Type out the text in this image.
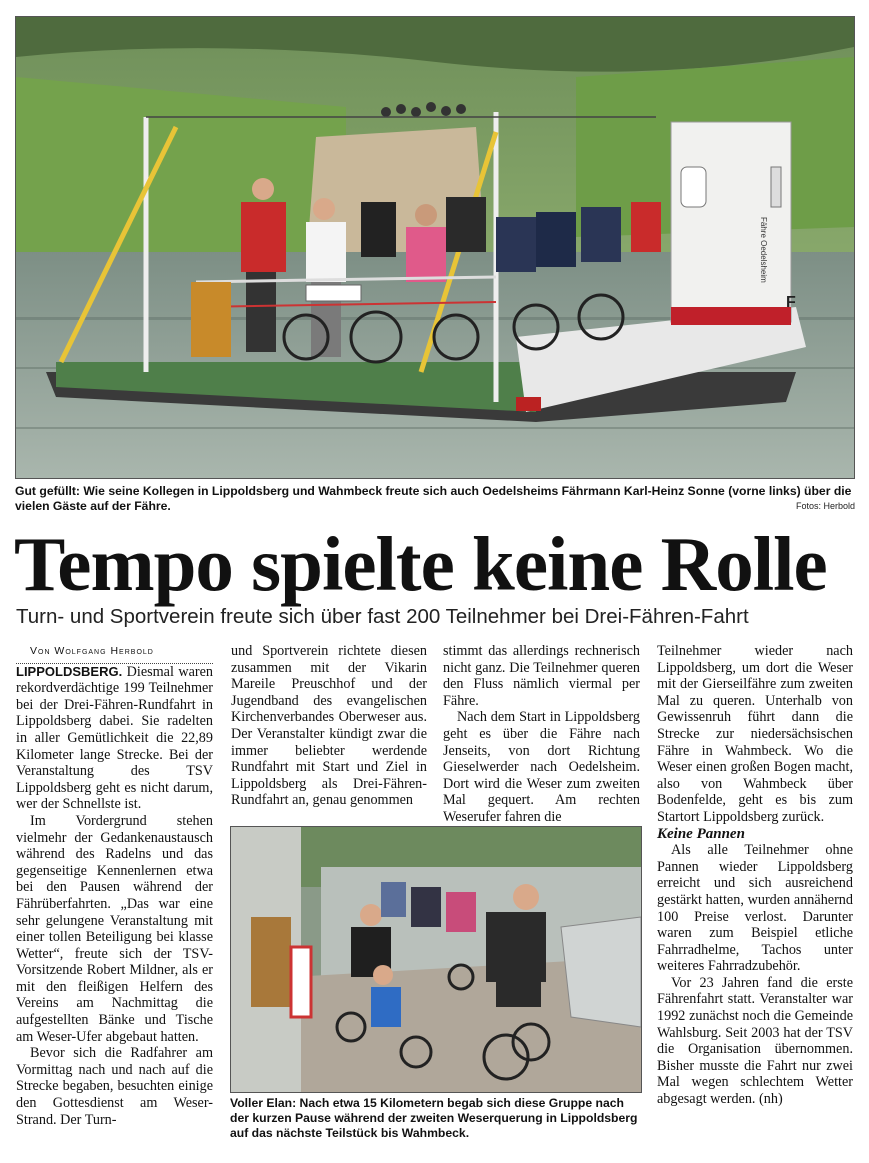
Fähre Oedelsheim
F
Gut gefüllt: Wie seine Kollegen in Lippoldsberg und Wahmbeck freute sich auch Oedelsheims Fährmann Karl-Heinz Sonne (vorne links) über die vielen Gäste auf der Fähre.	Fotos: Herbold
Tempo spielte keine Rolle
Turn- und Sportverein freute sich über fast 200 Teilnehmer bei Drei-Fähren-Fahrt

Von Wolfgang Herbold

LIPPOLDSBERG. Diesmal waren rekordverdächtige 199 Teilnehmer bei der Drei-Fähren-Rundfahrt in Lippoldsberg dabei. Sie radelten in aller Gemütlichkeit die 22,89 Kilometer lange Strecke. Bei der Veranstaltung des TSV Lippoldsberg geht es nicht darum, wer der Schnellste ist.

Im Vordergrund stehen vielmehr der Gedankenaustausch während des Radelns und das gegenseitige Kennenlernen etwa bei den Pausen während der Fährüberfahrten. „Das war eine sehr gelungene Veranstaltung mit einer tollen Beteiligung bei klasse Wetter“, freute sich der TSV-Vorsitzende Robert Mildner, als er mit den fleißigen Helfern des Vereins am Nachmittag die aufgestellten Bänke und Tische am Weser-Ufer abgebaut hatten.

Bevor sich die Radfahrer am Vormittag nach und nach auf die Strecke begaben, besuchten einige den Gottesdienst am Weser-Strand. Der Turn-

und Sportverein richtete diesen zusammen mit der Vikarin Mareile Preuschhof und der Jugendband des evangelischen Kirchenverbandes Oberweser aus. Der Veranstalter kündigt zwar die immer beliebter werdende Rundfahrt mit Start und Ziel in Lippoldsberg als Drei-Fähren-Rundfahrt an, genau genommen

stimmt das allerdings rechnerisch nicht ganz. Die Teilnehmer queren den Fluss nämlich viermal per Fähre.

Nach dem Start in Lippoldsberg geht es über die Fähre nach Jenseits, von dort Richtung Gieselwerder nach Oedelsheim. Dort wird die Weser zum zweiten Mal gequert. Am rechten Weserufer fahren die

Teilnehmer wieder nach Lippoldsberg, um dort die Weser mit der Gierseilfähre zum zweiten Mal zu queren. Unterhalb von Gewissenruh führt dann die Strecke zur niedersächsischen Fähre in Wahmbeck. Wo die Weser einen großen Bogen macht, also von Wahmbeck über Bodenfelde, geht es bis zum Startort Lippoldsberg zurück.

Keine Pannen

Als alle Teilnehmer ohne Pannen wieder Lippoldsberg erreicht und sich ausreichend gestärkt hatten, wurden annähernd 100 Preise verlost. Darunter waren zum Beispiel etliche Fahrradhelme, Tachos unter weiteres Fahrradzubehör.

Vor 23 Jahren fand die erste Fährenfahrt statt. Veranstalter war 1992 zunächst noch die Gemeinde Wahlsburg. Seit 2003 hat der TSV die Organisation übernommen. Bisher musste die Fahrt nur zwei Mal wegen schlechtem Wetter abgesagt werden. (nh)

Voller Elan: Nach etwa 15 Kilometern begab sich diese Gruppe nach der kurzen Pause während der zweiten Weserquerung in Lippoldsberg auf das nächste Teilstück bis Wahmbeck.
